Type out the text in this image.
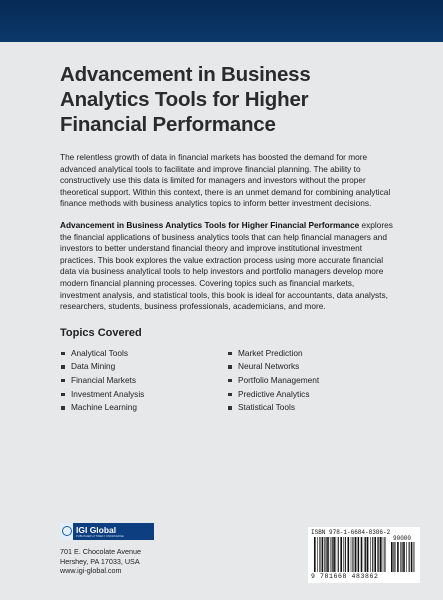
Advancement in Business
Analytics Tools for Higher
Financial Performance

The relentless growth of data in financial markets has boosted the demand for more advanced analytical tools to facilitate and improve financial planning. The ability to constructively use this data is limited for managers and investors without the proper theoretical support. Within this context, there is an unmet demand for combining analytical finance methods with business analytics topics to inform better investment decisions.

Advancement in Business Analytics Tools for Higher Financial Performance explores the financial applications of business analytics tools that can help financial managers and investors to better understand financial theory and improve institutional investment practices. This book explores the value extraction process using more accurate financial data via business analytical tools to help investors and portfolio managers develop more modern financial planning processes. Covering topics such as financial markets, investment analysis, and statistical tools, this book is ideal for accountants, data analysts, researchers, students, business professionals, academicians, and more.

Topics Covered
Analytical Tools
Data Mining
Financial Markets
Investment Analysis
Machine Learning
Market Prediction
Neural Networks
Portfolio Management
Predictive Analytics
Statistical Tools
IGI Global
PUBLISHER of TIMELY KNOWLEDGE
701 E. Chocolate Avenue
Hershey, PA 17033, USA
www.igi-global.com
ISBN 978-1-6684-8386-2
90000
9 781668 483862
